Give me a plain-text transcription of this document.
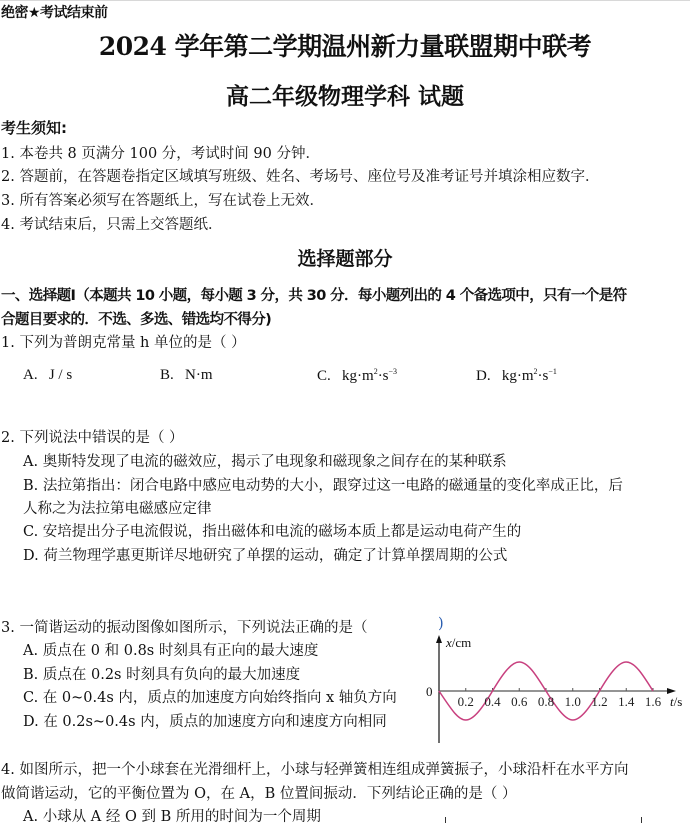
绝密★考试结束前
2024 学年第二学期温州新力量联盟期中联考
高二年级物理学科 试题
考生须知:
1. 本卷共 8 页满分 100 分，考试时间 90 分钟．
2. 答题前，在答题卷指定区域填写班级、姓名、考场号、座位号及准考证号并填涂相应数字．
3. 所有答案必须写在答题纸上，写在试卷上无效．
4. 考试结束后，只需上交答题纸．
选择题部分
一、选择题Ⅰ（本题共 10 小题，每小题 3 分，共 30 分．每小题列出的 4 个备选项中，只有一个是符
合题目要求的．不选、多选、错选均不得分)
1. 下列为普朗克常量 h 单位的是（ ）
A. J / s	B. N·m	C. $kg\cdot m^2\cdot s^{-3}$	D. $kg\cdot m^2\cdot s^{-1}$
2. 下列说法中错误的是（ ）
A. 奥斯特发现了电流的磁效应，揭示了电现象和磁现象之间存在的某种联系
B. 法拉第指出：闭合电路中感应电动势的大小，跟穿过这一电路的磁通量的变化率成正比，后
人称之为法拉第电磁感应定律
C. 安培提出分子电流假说，指出磁体和电流的磁场本质上都是运动电荷产生的
D. 荷兰物理学惠更斯详尽地研究了单摆的运动，确定了计算单摆周期的公式
3. 一简谐运动的振动图像如图所示，下列说法正确的是（	)
A. 质点在 0 和 0.8s 时刻具有正向的最大速度
B. 质点在 0.2s 时刻具有负向的最大加速度
C. 在 0~0.4s 内，质点的加速度方向始终指向 x 轴负方向
D. 在 0.2s~0.4s 内，质点的加速度方向和速度方向相同
x/cm
0
0.2 0.4 0.6 0.8 1.0 1.2 1.4 1.6 t/s
4. 如图所示，把一个小球套在光滑细杆上，小球与轻弹簧相连组成弹簧振子，小球沿杆在水平方向
做简谐运动，它的平衡位置为 O，在 A，B 位置间振动．下列结论正确的是（ ）
A. 小球从 A 经 O 到 B 所用的时间为一个周期
